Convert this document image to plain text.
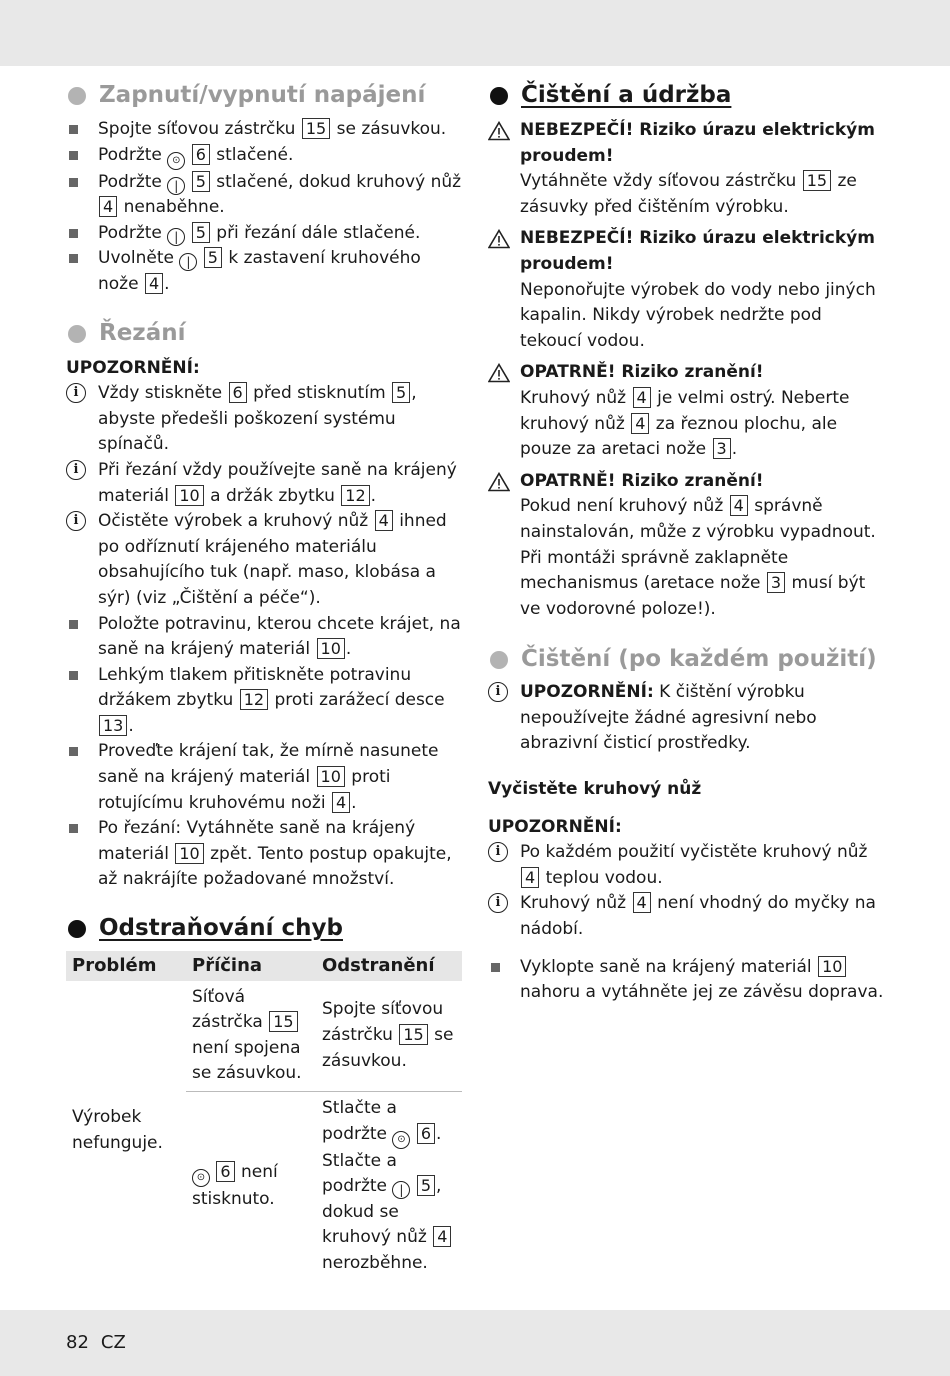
Zapnutí/vypnutí napájení
Spojte síťovou zástrčku 15 se zásuvkou.
Podržte ⊙ 6 stlačené.
Podržte | 5 stlačené, dokud kruhový nůž 4 nenaběhne.
Podržte | 5 při řezání dále stlačené.
Uvolněte | 5 k zastavení kruhového nože 4 .
Řezání
UPOZORNĚNÍ:
i	Vždy stiskněte 6 před stisknutím 5 , abyste předešli poškození systému spínačů.
i	Při řezání vždy používejte saně na krájený materiál 10 a držák zbytku 12 .
i	Očistěte výrobek a kruhový nůž 4 ihned po odříznutí krájeného materiálu obsahujícího tuk (např. maso, klobása a sýr) (viz „Čištění a péče“).
Položte potravinu, kterou chcete krájet, na saně na krájený materiál 10 .
Lehkým tlakem přitiskněte potravinu držákem zbytku 12 proti zarážecí desce 13 .
Proveďte krájení tak, že mírně nasunete saně na krájený materiál 10 proti rotujícímu kruhovému noži 4 .
Po řezání: Vytáhněte saně na krájený materiál 10 zpět. Tento postup opakujte, až nakrájíte požadované množství.
Odstraňování chyb
Problém	Příčina	Odstranění
Výrobek nefunguje.	Síťová zástrčka 15 není spojena se zásuvkou.	Spojte síťovou zástrčku 15 se zásuvkou.
	⊙ 6 není stisknuto.	Stlačte a podržte ⊙ 6 . Stlačte a podržte | 5 , dokud se kruhový nůž 4 nerozběhne.
Čištění a údržba
NEBEZPEČÍ! Riziko úrazu elektrickým proudem!
Vytáhněte vždy síťovou zástrčku 15 ze zásuvky před čištěním výrobku.
NEBEZPEČÍ! Riziko úrazu elektrickým proudem!
Neponořujte výrobek do vody nebo jiných kapalin. Nikdy výrobek nedržte pod tekoucí vodou.
OPATRNĚ! Riziko zranění!
Kruhový nůž 4 je velmi ostrý. Neberte kruhový nůž 4 za řeznou plochu, ale pouze za aretaci nože 3 .
OPATRNĚ! Riziko zranění!
Pokud není kruhový nůž 4 správně nainstalován, může z výrobku vypadnout. Při montáži správně zaklapněte mechanismus (aretace nože 3 musí být ve vodorovné poloze!).
Čištění (po každém použití)
i	UPOZORNĚNÍ: K čištění výrobku nepoužívejte žádné agresivní nebo abrazivní čisticí prostředky.
Vyčistěte kruhový nůž
UPOZORNĚNÍ:
i	Po každém použití vyčistěte kruhový nůž 4 teplou vodou.
i	Kruhový nůž 4 není vhodný do myčky na nádobí.
Vyklopte saně na krájený materiál 10 nahoru a vytáhněte jej ze závěsu doprava.
82 CZ
